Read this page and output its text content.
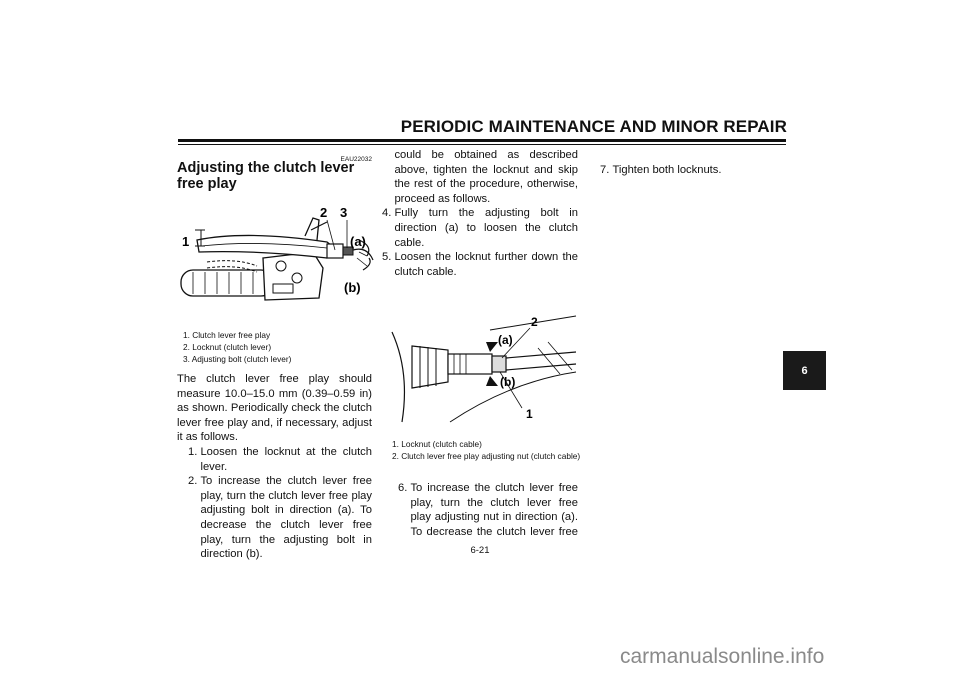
PERIODIC MAINTENANCE AND MINOR REPAIR
EAU22032
Adjusting the clutch lever free play
1
2 3
(a)
(b)
1. Clutch lever free play
2. Locknut (clutch lever)
3. Adjusting bolt (clutch lever)

The clutch lever free play should measure 10.0–15.0 mm (0.39–0.59 in) as shown. Periodically check the clutch lever free play and, if necessary, adjust it as follows.

1. Loosen the locknut at the clutch lever.
2. To increase the clutch lever free play, turn the clutch lever free play adjusting bolt in direction (a). To decrease the clutch lever free play, turn the adjusting bolt in direction (b).
could be obtained as described above, tighten the locknut and skip the rest of the procedure, otherwise, proceed as follows.
4. Fully turn the adjusting bolt in direction (a) to loosen the clutch cable.
5. Loosen the locknut further down the clutch cable.
2
(a)
(b)
1
1. Locknut (clutch cable)
2. Clutch lever free play adjusting nut (clutch cable)
6. To increase the clutch lever free play, turn the clutch lever free play adjusting nut in direction (a). To decrease the clutch lever free
7. Tighten both locknuts.
6
6-21
carmanualsonline.info
